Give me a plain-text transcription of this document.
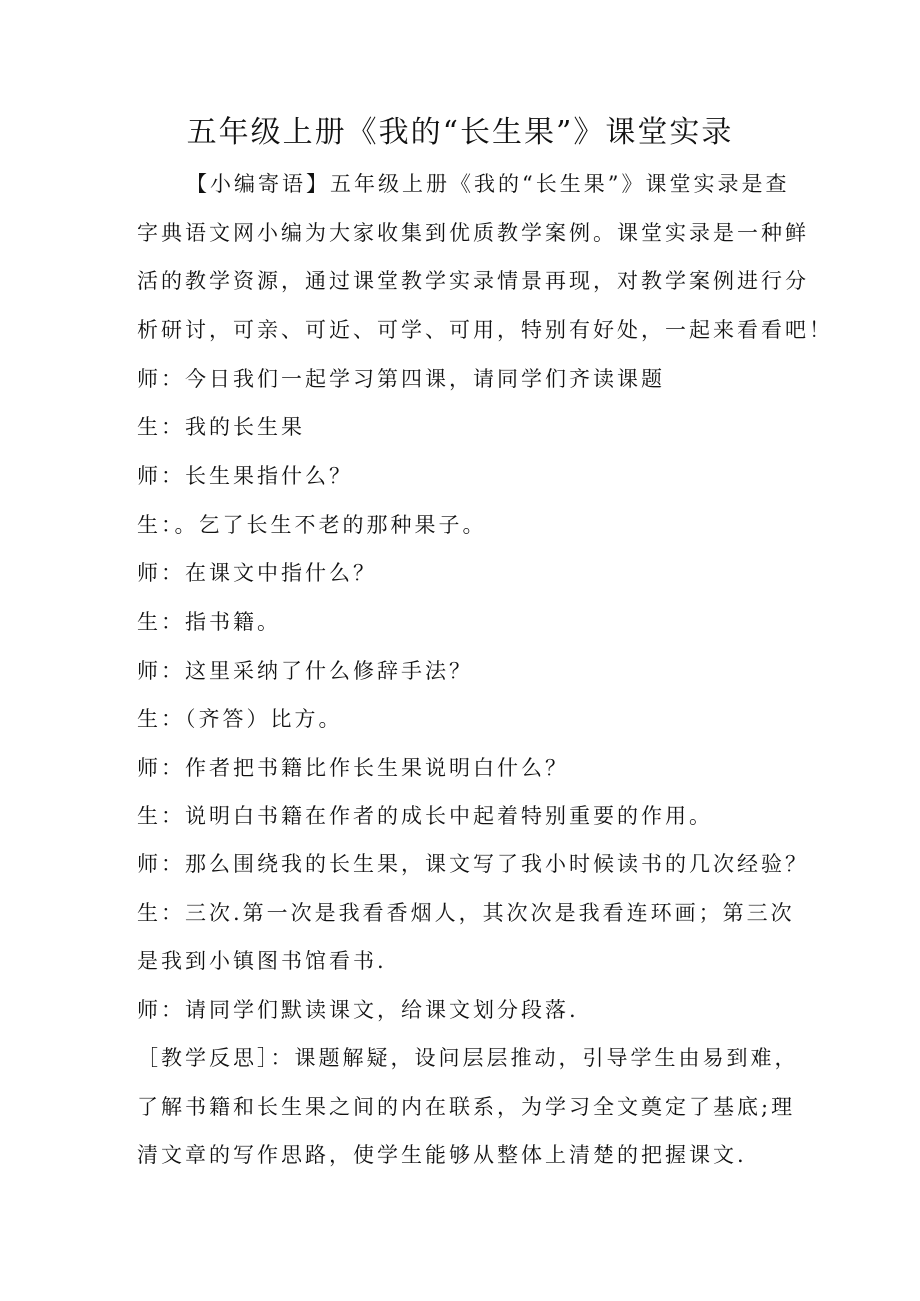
五年级上册《我的“长生果”》课堂实录
【小编寄语】五年级上册《我的“长生果”》课堂实录是查
字典语文网小编为大家收集到优质教学案例。课堂实录是一种鲜
活的教学资源，通过课堂教学实录情景再现，对教学案例进行分
析研讨，可亲、可近、可学、可用，特别有好处，一起来看看吧！
师：今日我们一起学习第四课，请同学们齐读课题
生：我的长生果
师：长生果指什么？
生：。乞了长生不老的那种果子。
师：在课文中指什么？
生：指书籍。
师：这里采纳了什么修辞手法？
生：（齐答）比方。
师：作者把书籍比作长生果说明白什么？
生：说明白书籍在作者的成长中起着特别重要的作用。
师：那么围绕我的长生果，课文写了我小时候读书的几次经验？
生：三次.第一次是我看香烟人，其次次是我看连环画；第三次
是我到小镇图书馆看书.
师：请同学们默读课文，给课文划分段落.
［教学反思］：课题解疑，设问层层推动，引导学生由易到难，
了解书籍和长生果之间的内在联系，为学习全文奠定了基底;理
清文章的写作思路，使学生能够从整体上清楚的把握课文.
